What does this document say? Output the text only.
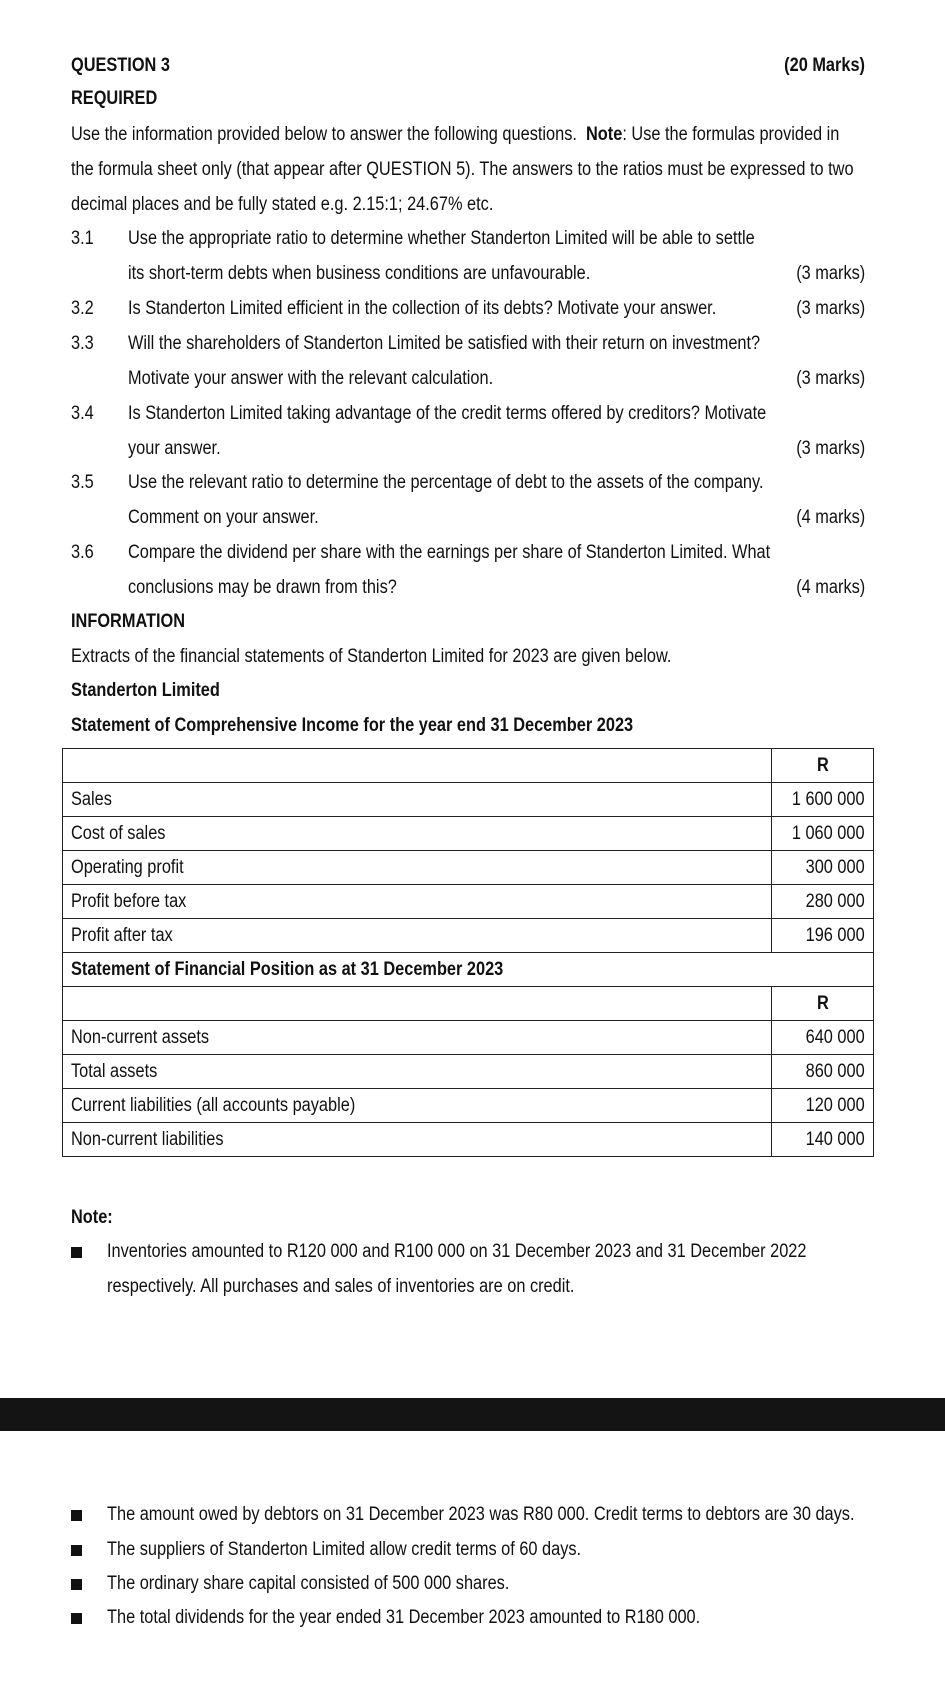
QUESTION 3	(20 Marks)
REQUIRED
Use the information provided below to answer the following questions. Note: Use the formulas provided in
the formula sheet only (that appear after QUESTION 5). The answers to the ratios must be expressed to two
decimal places and be fully stated e.g. 2.15:1; 24.67% etc.
3.1 Use the appropriate ratio to determine whether Standerton Limited will be able to settle
its short-term debts when business conditions are unfavourable.	(3 marks)
3.2 Is Standerton Limited efficient in the collection of its debts? Motivate your answer.	(3 marks)
3.3 Will the shareholders of Standerton Limited be satisfied with their return on investment?
Motivate your answer with the relevant calculation.	(3 marks)
3.4 Is Standerton Limited taking advantage of the credit terms offered by creditors? Motivate
your answer.	(3 marks)
3.5 Use the relevant ratio to determine the percentage of debt to the assets of the company.
Comment on your answer.	(4 marks)
3.6 Compare the dividend per share with the earnings per share of Standerton Limited. What
conclusions may be drawn from this?	(4 marks)
INFORMATION
Extracts of the financial statements of Standerton Limited for 2023 are given below.
Standerton Limited
Statement of Comprehensive Income for the year end 31 December 2023
	R
Sales	1 600 000
Cost of sales	1 060 000
Operating profit	300 000
Profit before tax	280 000
Profit after tax	196 000
Statement of Financial Position as at 31 December 2023	
	R
Non-current assets	640 000
Total assets	860 000
Current liabilities (all accounts payable)	120 000
Non-current liabilities	140 000
Note:
Inventories amounted to R120 000 and R100 000 on 31 December 2023 and 31 December 2022
respectively. All purchases and sales of inventories are on credit.
The amount owed by debtors on 31 December 2023 was R80 000. Credit terms to debtors are 30 days.
The suppliers of Standerton Limited allow credit terms of 60 days.
The ordinary share capital consisted of 500 000 shares.
The total dividends for the year ended 31 December 2023 amounted to R180 000.
